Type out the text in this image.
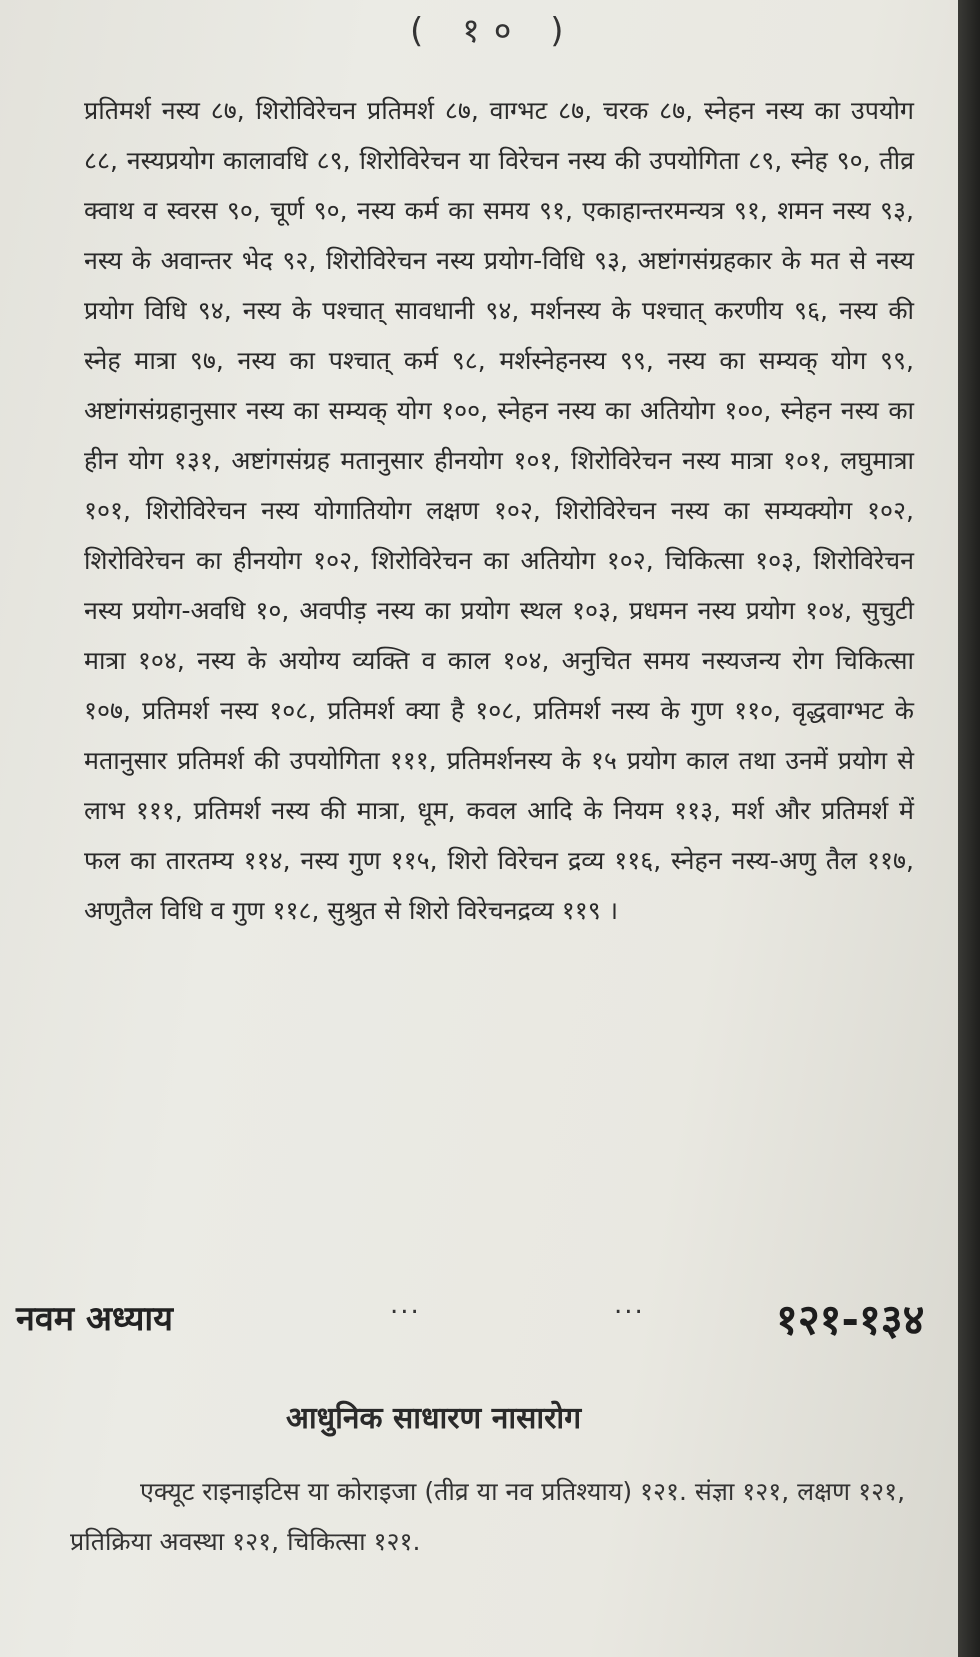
( १० )

प्रतिमर्श नस्य ८७, शिरोविरेचन प्रतिमर्श ८७, वाग्भट ८७, चरक ८७, स्नेहन नस्य का उपयोग ८८, नस्यप्रयोग कालावधि ८९, शिरोविरेचन या विरेचन नस्य की उपयोगिता ८९, स्नेह ९०, तीव्र क्वाथ व स्वरस ९०, चूर्ण ९०, नस्य कर्म का समय ९१, एकाहान्तरमन्यत्र ९१, शमन नस्य ९३, नस्य के अवान्तर भेद ९२, शिरोविरेचन नस्य प्रयोग-विधि ९३, अष्टांगसंग्रहकार के मत से नस्य प्रयोग विधि ९४, नस्य के पश्चात् सावधानी ९४, मर्शनस्य के पश्चात् करणीय ९६, नस्य की स्नेह मात्रा ९७, नस्य का पश्चात् कर्म ९८, मर्शस्नेहनस्य ९९, नस्य का सम्यक् योग ९९, अष्टांगसंग्रहानुसार नस्य का सम्यक् योग १००, स्नेहन नस्य का अतियोग १००, स्नेहन नस्य का हीन योग १३१, अष्टांगसंग्रह मतानुसार हीनयोग १०१, शिरोविरेचन नस्य मात्रा १०१, लघुमात्रा १०१, शिरोविरेचन नस्य योगातियोग लक्षण १०२, शिरोविरेचन नस्य का सम्यक्योग १०२, शिरोविरेचन का हीनयोग १०२, शिरोविरेचन का अतियोग १०२, चिकित्सा १०३, शिरोविरेचन नस्य प्रयोग-अवधि १०, अवपीड़ नस्य का प्रयोग स्थल १०३, प्रधमन नस्य प्रयोग १०४, सुचुटी मात्रा १०४, नस्य के अयोग्य व्यक्ति व काल १०४, अनुचित समय नस्यजन्य रोग चिकित्सा १०७, प्रतिमर्श नस्य १०८, प्रतिमर्श क्या है १०८, प्रतिमर्श नस्य के गुण ११०, वृद्धवाग्भट के मतानुसार प्रतिमर्श की उपयोगिता १११, प्रतिमर्शनस्य के १५ प्रयोग काल तथा उनमें प्रयोग से लाभ १११, प्रतिमर्श नस्य की मात्रा, धूम, कवल आदि के नियम ११३, मर्श और प्रतिमर्श में फल का तारतम्य ११४, नस्य गुण ११५, शिरो विरेचन द्रव्य ११६, स्नेहन नस्य-अणु तैल ११७, अणुतैल विधि व गुण ११८, सुश्रुत से शिरो विरेचनद्रव्य ११९ ।

नवम अध्याय	...	...	१२१-१३४
आधुनिक साधारण नासारोग

एक्यूट राइनाइटिस या कोराइजा (तीव्र या नव प्रतिश्याय) १२१. संज्ञा १२१, लक्षण १२१, प्रतिक्रिया अवस्था १२१, चिकित्सा १२१.
